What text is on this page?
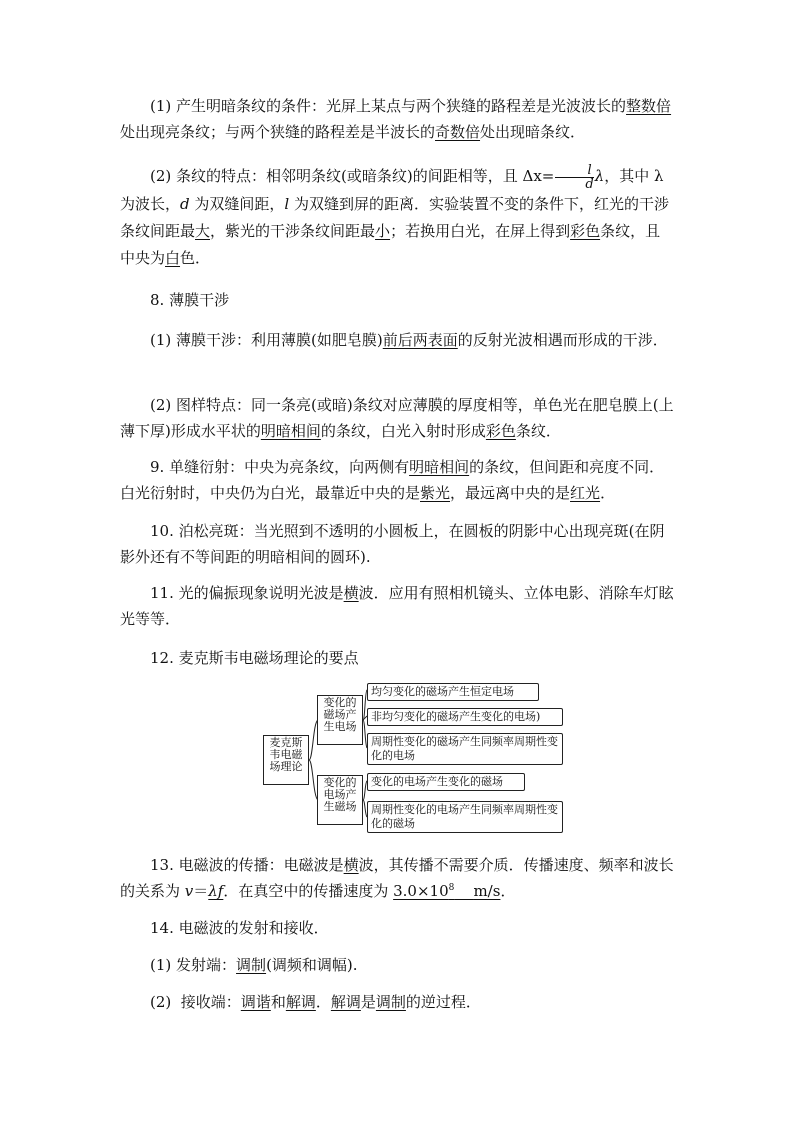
(1) 产生明暗条纹的条件：光屏上某点与两个狭缝的路程差是光波波长的整数倍处出现亮条纹；与两个狭缝的路程差是半波长的奇数倍处出现暗条纹．

(2) 条纹的特点：相邻明条纹(或暗条纹)的间距相等，且 $\Delta x= \frac{l}{d}$ λ，其中 λ 为波长，d 为双缝间距，l 为双缝到屏的距离．实验装置不变的条件下，红光的干涉条纹间距最大，紫光的干涉条纹间距最小；若换用白光，在屏上得到彩色条纹，且中央为白色．

8. 薄膜干涉

(1) 薄膜干涉：利用薄膜(如肥皂膜)前后两表面的反射光波相遇而形成的干涉．

(2) 图样特点：同一条亮(或暗)条纹对应薄膜的厚度相等，单色光在肥皂膜上(上薄下厚)形成水平状的明暗相间的条纹，白光入射时形成彩色条纹．

9. 单缝衍射：中央为亮条纹，向两侧有明暗相间的条纹，但间距和亮度不同．白光衍射时，中央仍为白光，最靠近中央的是紫光，最远离中央的是红光．

10. 泊松亮斑：当光照到不透明的小圆板上，在圆板的阴影中心出现亮斑(在阴影外还有不等间距的明暗相间的圆环).

11. 光的偏振现象说明光波是横波．应用有照相机镜头、立体电影、消除车灯眩光等等．

12. 麦克斯韦电磁场理论的要点

麦克斯韦电磁场理论
变化的磁场产生电场
变化的电场产生磁场
均匀变化的磁场产生恒定电场
非均匀变化的磁场产生变化的电场)
周期性变化的磁场产生同频率周期性变化的电场
变化的电场产生变化的磁场
周期性变化的电场产生同频率周期性变化的磁场

13. 电磁波的传播：电磁波是横波，其传播不需要介质．传播速度、频率和波长的关系为 v＝λf．在真空中的传播速度为 $3.0\times 10^8$ m/s．

14. 电磁波的发射和接收．

(1) 发射端：调制(调频和调幅).

(2) 接收端：调谐和解调．解调是调制的逆过程．
